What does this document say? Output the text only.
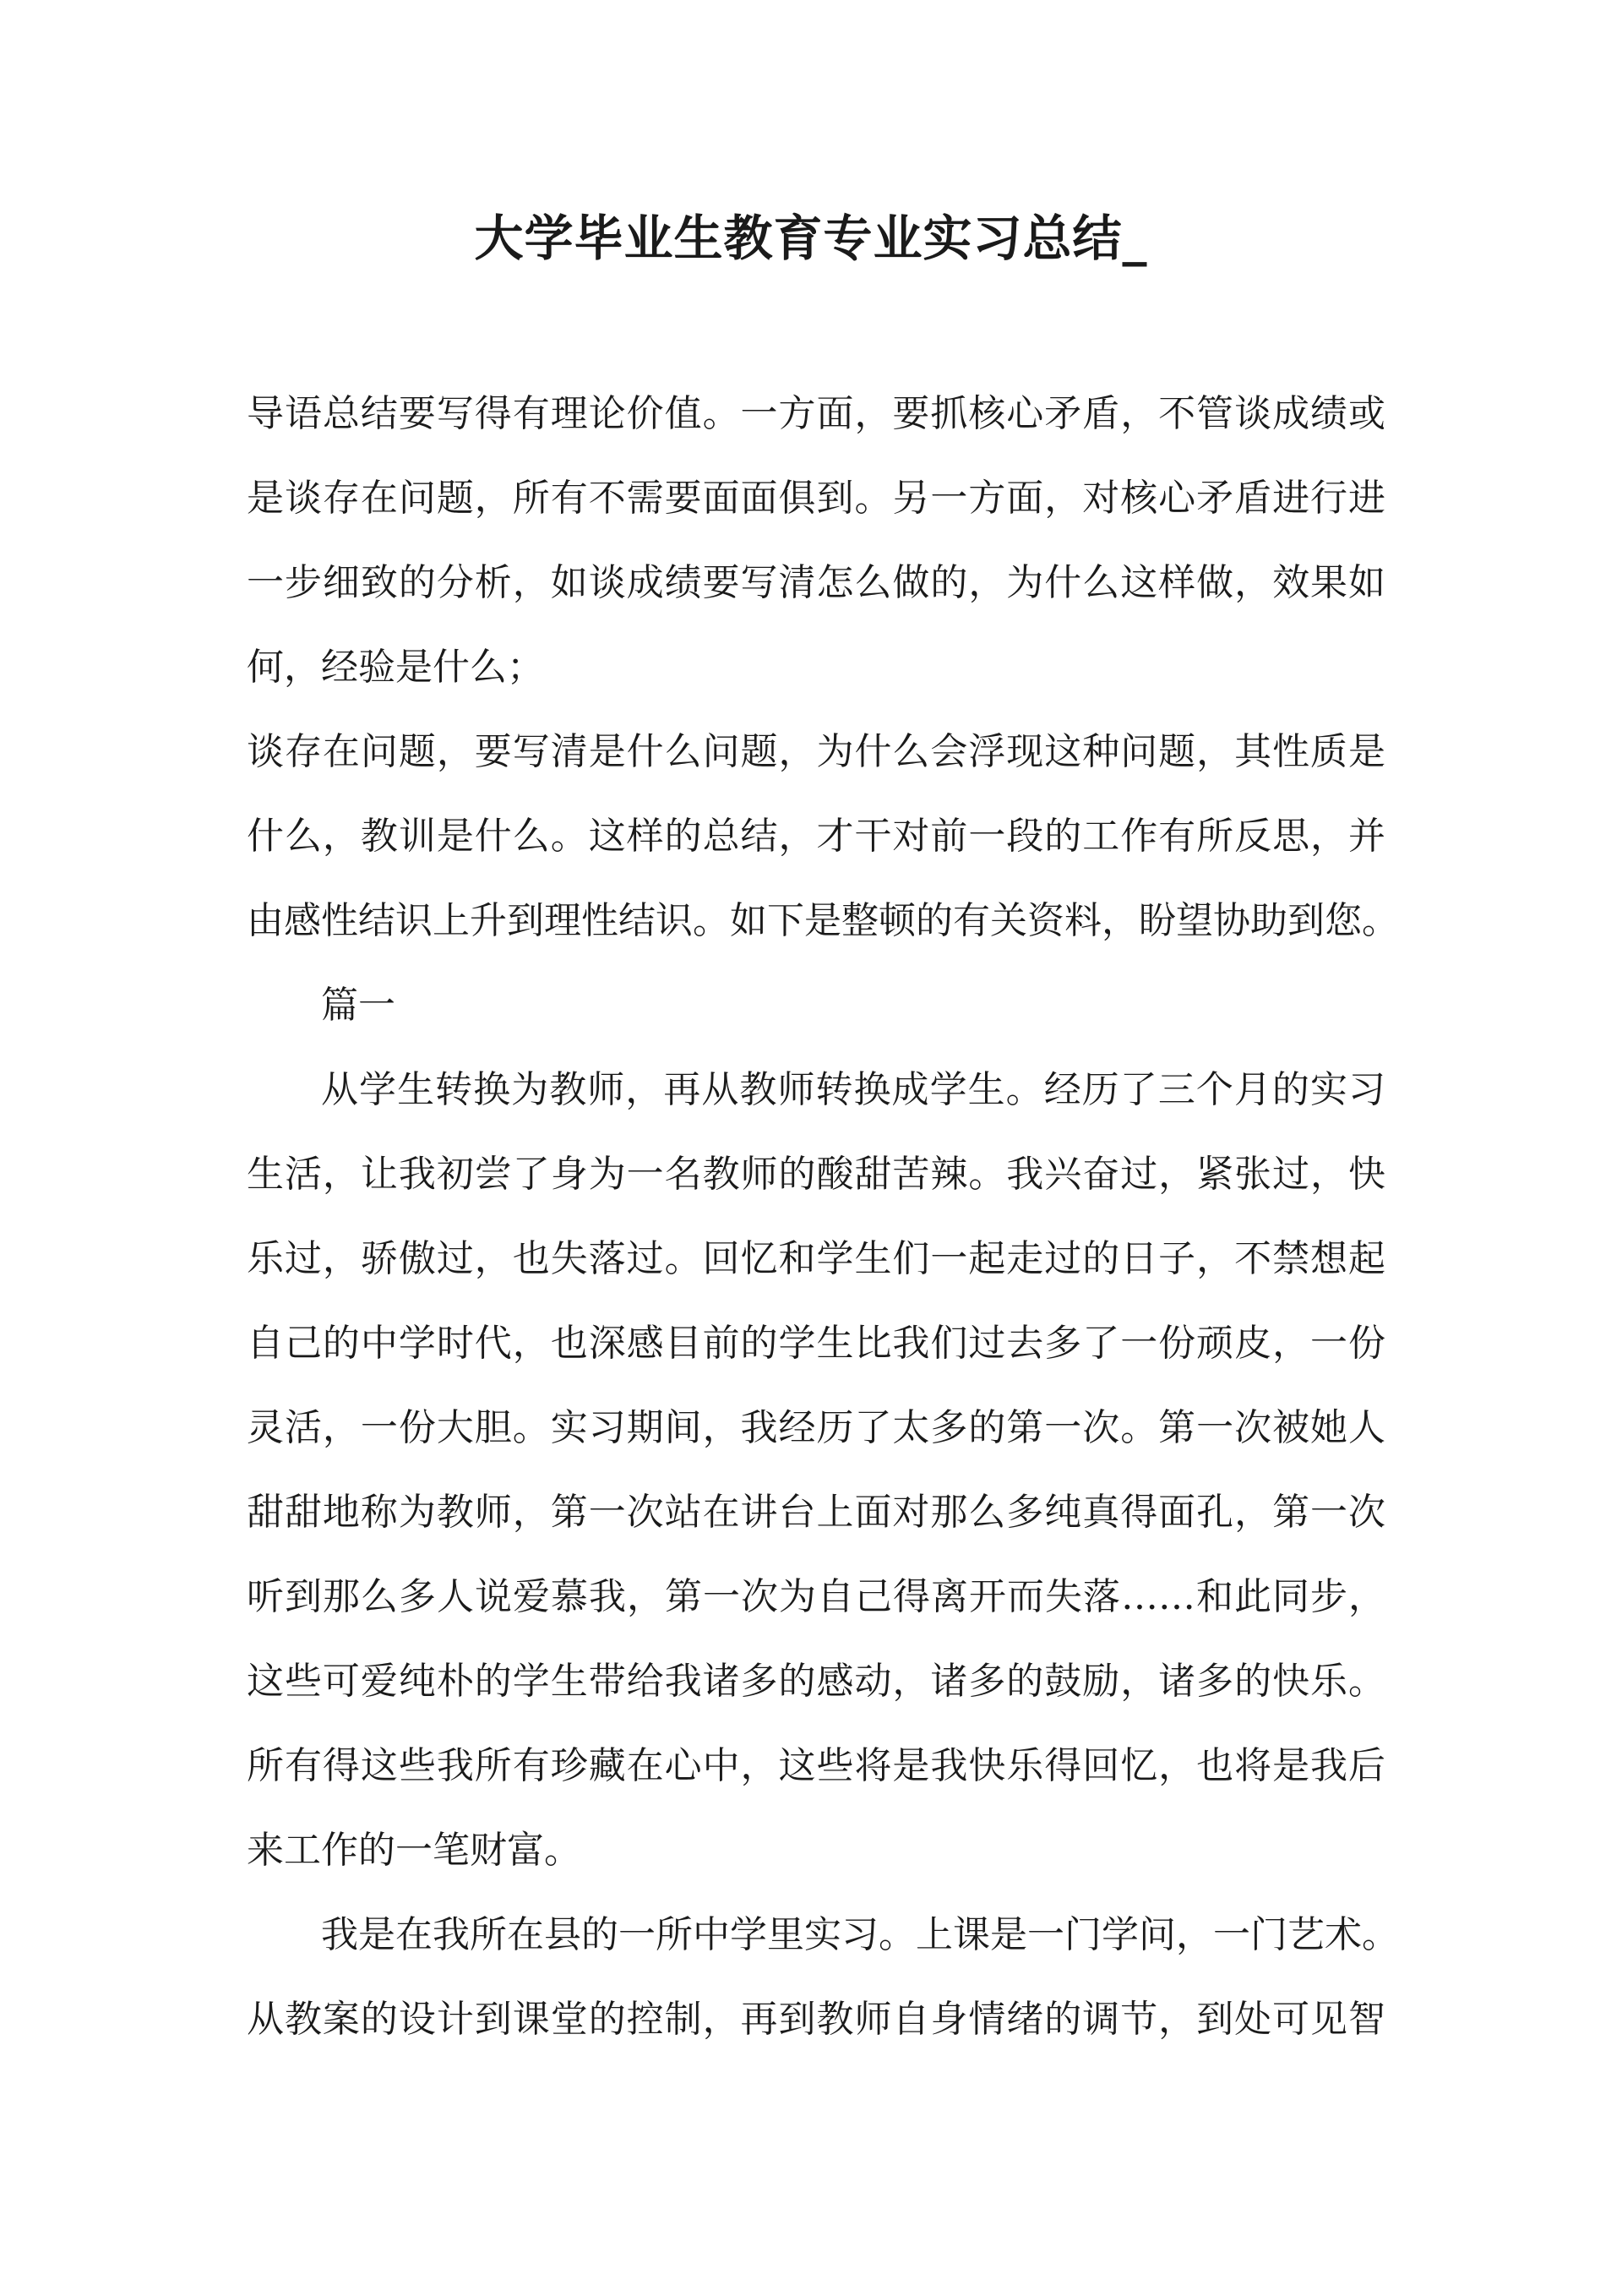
大学毕业生教育专业实习总结_
导语总结要写得有理论价值。一方面，要抓核心矛盾，不管谈成绩或
是谈存在问题，所有不需要面面俱到。另一方面，对核心矛盾进行进
一步细致的分析，如谈成绩要写清怎么做的，为什么这样做，效果如
何，经验是什么；
谈存在问题，要写清是什么问题，为什么会浮现这种问题，其性质是
什么，教训是什么。这样的总结，才干对前一段的工作有所反思，并
由感性结识上升到理性结识。如下是整顿的有关资料，盼望协助到您。
篇一
从学生转换为教师，再从教师转换成学生。经历了三个月的实习
生活，让我初尝了身为一名教师的酸甜苦辣。我兴奋过，紧张过，快
乐过，骄傲过，也失落过。回忆和学生们一起走过的日子，不禁想起
自己的中学时代，也深感目前的学生比我们过去多了一份顽皮，一份
灵活，一份大胆。实习期间，我经历了太多的第一次。第一次被她人
甜甜地称为教师，第一次站在讲台上面对那么多纯真得面孔，第一次
听到那么多人说爱慕我，第一次为自己得离开而失落……和此同步，
这些可爱纯朴的学生带给我诸多的感动，诸多的鼓励，诸多的快乐。
所有得这些我所有珍藏在心中，这些将是我快乐得回忆，也将是我后
来工作的一笔财富。
我是在我所在县的一所中学里实习。上课是一门学问，一门艺术。
从教案的设计到课堂的控制，再到教师自身情绪的调节，到处可见智
